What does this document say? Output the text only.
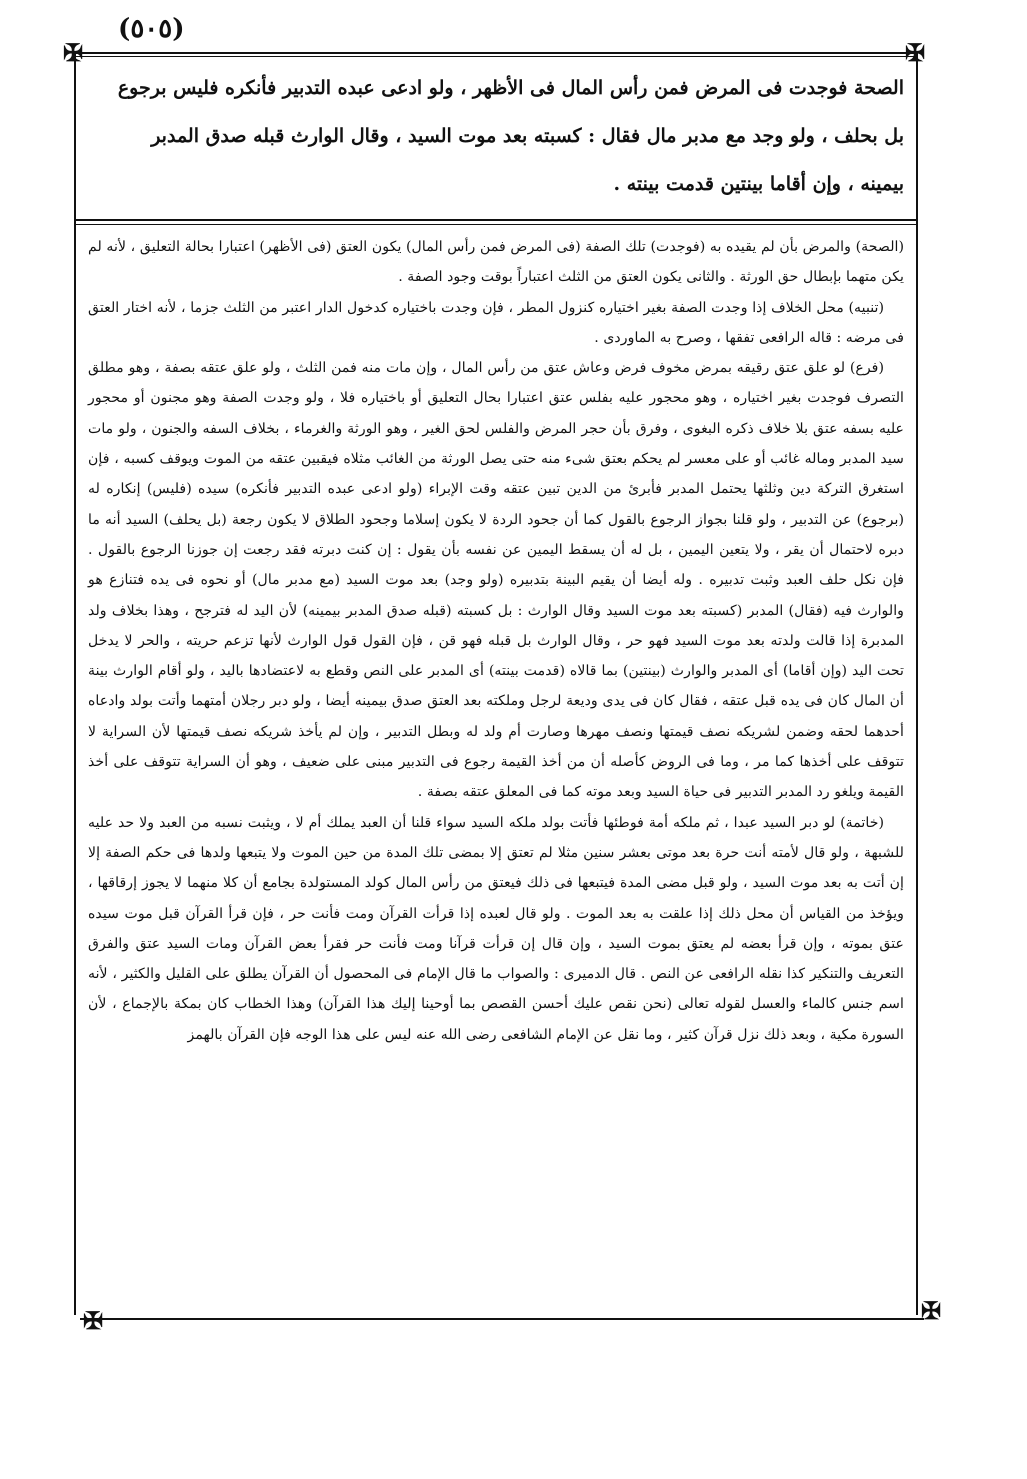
(٥٠٥)
✠	✠
✠	✠

الصحة فوجدت فى المرض فمن رأس المال فى الأظهر ، ولو ادعى عبده التدبير فأنكره فليس برجوع

بل بحلف ، ولو وجد مع مدبر مال فقال : كسبته بعد موت السيد ، وقال الوارث قبله صدق المدبر

بيمينه ، وإن أقاما بينتين قدمت بينته .

(الصحة) والمرض بأن لم يقيده به (فوجدت) تلك الصفة (فى المرض فمن رأس المال) يكون العتق (فى الأظهر) اعتبارا بحالة التعليق ، لأنه لم يكن متهما بإبطال حق الورثة . والثانى يكون العتق من الثلث اعتباراً بوقت وجود الصفة .

(تنبيه) محل الخلاف إذا وجدت الصفة بغير اختياره كنزول المطر ، فإن وجدت باختياره كدخول الدار اعتبر من الثلث جزما ، لأنه اختار العتق فى مرضه : قاله الرافعى تفقها ، وصرح به الماوردى .

(فرع) لو علق عتق رقيقه بمرض مخوف فرض وعاش عتق من رأس المال ، وإن مات منه فمن الثلث ، ولو علق عتقه بصفة ، وهو مطلق التصرف فوجدت بغير اختياره ، وهو محجور عليه بفلس عتق اعتبارا بحال التعليق أو باختياره فلا ، ولو وجدت الصفة وهو مجنون أو محجور عليه بسفه عتق بلا خلاف ذكره البغوى ، وفرق بأن حجر المرض والفلس لحق الغير ، وهو الورثة والغرماء ، بخلاف السفه والجنون ، ولو مات سيد المدبر وماله غائب أو على معسر لم يحكم بعتق شىء منه حتى يصل الورثة من الغائب مثلاه فيقبين عتقه من الموت ويوقف كسبه ، فإن استغرق التركة دين وثلثها يحتمل المدبر فأبرئ من الدين تبين عتقه وقت الإبراء (ولو ادعى عبده التدبير فأنكره) سيده (فليس) إنكاره له (برجوع) عن التدبير ، ولو قلنا بجواز الرجوع بالقول كما أن جحود الردة لا يكون إسلاما وجحود الطلاق لا يكون رجعة (بل يحلف) السيد أنه ما دبره لاحتمال أن يقر ، ولا يتعين اليمين ، بل له أن يسقط اليمين عن نفسه بأن يقول : إن كنت دبرته فقد رجعت إن جوزنا الرجوع بالقول . فإن نكل حلف العبد وثبت تدبيره . وله أيضا أن يقيم البينة بتدبيره (ولو وجد) بعد موت السيد (مع مدبر مال) أو نحوه فى يده فتنازع هو والوارث فيه (فقال) المدبر (كسبته بعد موت السيد وقال الوارث : بل كسبته (قبله صدق المدبر بيمينه) لأن اليد له فترجح ، وهذا بخلاف ولد المدبرة إذا قالت ولدته بعد موت السيد فهو حر ، وقال الوارث بل قبله فهو قن ، فإن القول قول الوارث لأنها تزعم حريته ، والحر لا يدخل تحت اليد (وإن أقاما) أى المدبر والوارث (بينتين) بما قالاه (قدمت بينته) أى المدبر على النص وقطع به لاعتضادها باليد ، ولو أقام الوارث بينة أن المال كان فى يده قبل عتقه ، فقال كان فى يدى وديعة لرجل وملكته بعد العتق صدق بيمينه أيضا ، ولو دبر رجلان أمتهما وأتت بولد وادعاه أحدهما لحقه وضمن لشريكه نصف قيمتها ونصف مهرها وصارت أم ولد له وبطل التدبير ، وإن لم يأخذ شريكه نصف قيمتها لأن السراية لا تتوقف على أخذها كما مر ، وما فى الروض كأصله أن من أخذ القيمة رجوع فى التدبير مبنى على ضعيف ، وهو أن السراية تتوقف على أخذ القيمة ويلغو رد المدبر التدبير فى حياة السيد وبعد موته كما فى المعلق عتقه بصفة .

(خاتمة) لو دبر السيد عبدا ، ثم ملكه أمة فوطئها فأتت بولد ملكه السيد سواء قلنا أن العبد يملك أم لا ، ويثبت نسبه من العبد ولا حد عليه للشبهة ، ولو قال لأمته أنت حرة بعد موتى بعشر سنين مثلا لم تعتق إلا بمضى تلك المدة من حين الموت ولا يتبعها ولدها فى حكم الصفة إلا إن أتت به بعد موت السيد ، ولو قبل مضى المدة فيتبعها فى ذلك فيعتق من رأس المال كولد المستولدة بجامع أن كلا منهما لا يجوز إرقاقها ، ويؤخذ من القياس أن محل ذلك إذا علقت به بعد الموت . ولو قال لعبده إذا قرأت القرآن ومت فأنت حر ، فإن قرأ القرآن قبل موت سيده عتق بموته ، وإن قرأ بعضه لم يعتق بموت السيد ، وإن قال إن قرأت قرآنا ومت فأنت حر فقرأ بعض القرآن ومات السيد عتق والفرق التعريف والتنكير كذا نقله الرافعى عن النص . قال الدميرى : والصواب ما قال الإمام فى المحصول أن القرآن يطلق على القليل والكثير ، لأنه اسم جنس كالماء والعسل لقوله تعالى (نحن نقص عليك أحسن القصص بما أوحينا إليك هذا القرآن) وهذا الخطاب كان بمكة بالإجماع ، لأن السورة مكية ، وبعد ذلك نزل قرآن كثير ، وما نقل عن الإمام الشافعى رضى الله عنه ليس على هذا الوجه فإن القرآن بالهمز
